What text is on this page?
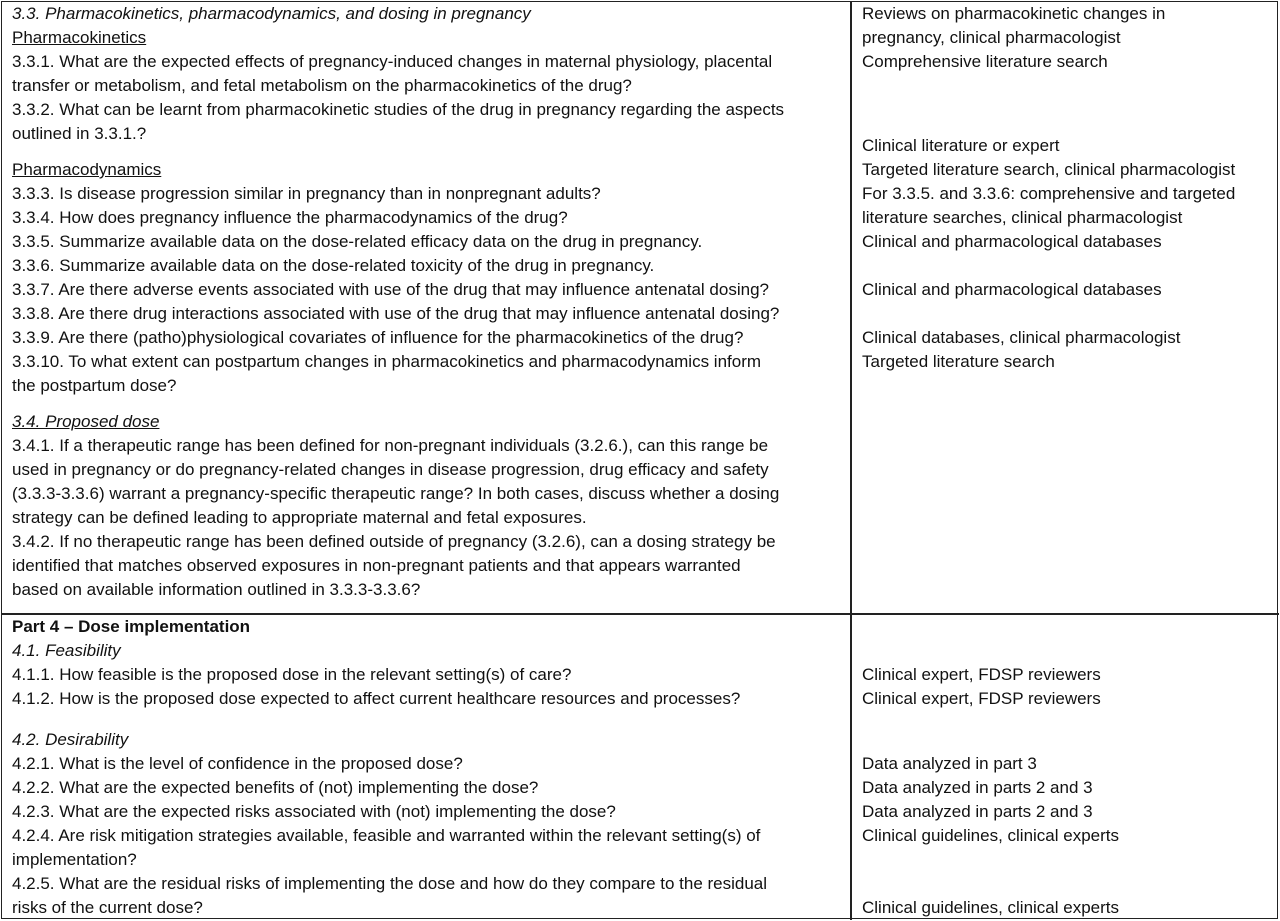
3.3. Pharmacokinetics, pharmacodynamics, and dosing in pregnancy
Pharmacokinetics
3.3.1. What are the expected effects of pregnancy-induced changes in maternal physiology, placental
transfer or metabolism, and fetal metabolism on the pharmacokinetics of the drug?
3.3.2. What can be learnt from pharmacokinetic studies of the drug in pregnancy regarding the aspects
outlined in 3.3.1.?
Pharmacodynamics
3.3.3. Is disease progression similar in pregnancy than in nonpregnant adults?
3.3.4. How does pregnancy influence the pharmacodynamics of the drug?
3.3.5. Summarize available data on the dose-related efficacy data on the drug in pregnancy.
3.3.6. Summarize available data on the dose-related toxicity of the drug in pregnancy.
3.3.7. Are there adverse events associated with use of the drug that may influence antenatal dosing?
3.3.8. Are there drug interactions associated with use of the drug that may influence antenatal dosing?
3.3.9. Are there (patho)physiological covariates of influence for the pharmacokinetics of the drug?
3.3.10. To what extent can postpartum changes in pharmacokinetics and pharmacodynamics inform
the postpartum dose?
3.4. Proposed dose
3.4.1. If a therapeutic range has been defined for non-pregnant individuals (3.2.6.), can this range be
used in pregnancy or do pregnancy-related changes in disease progression, drug efficacy and safety
(3.3.3-3.3.6) warrant a pregnancy-specific therapeutic range? In both cases, discuss whether a dosing
strategy can be defined leading to appropriate maternal and fetal exposures.
3.4.2. If no therapeutic range has been defined outside of pregnancy (3.2.6), can a dosing strategy be
identified that matches observed exposures in non-pregnant patients and that appears warranted
based on available information outlined in 3.3.3-3.3.6?
Reviews on pharmacokinetic changes in
pregnancy, clinical pharmacologist
Comprehensive literature search
Clinical literature or expert
Targeted literature search, clinical pharmacologist
For 3.3.5. and 3.3.6: comprehensive and targeted
literature searches, clinical pharmacologist
Clinical and pharmacological databases
Clinical and pharmacological databases
Clinical databases, clinical pharmacologist
Targeted literature search
Part 4 – Dose implementation
4.1. Feasibility
4.1.1. How feasible is the proposed dose in the relevant setting(s) of care?
4.1.2. How is the proposed dose expected to affect current healthcare resources and processes?
4.2. Desirability
4.2.1. What is the level of confidence in the proposed dose?
4.2.2. What are the expected benefits of (not) implementing the dose?
4.2.3. What are the expected risks associated with (not) implementing the dose?
4.2.4. Are risk mitigation strategies available, feasible and warranted within the relevant setting(s) of
implementation?
4.2.5. What are the residual risks of implementing the dose and how do they compare to the residual
risks of the current dose?
Clinical expert, FDSP reviewers
Clinical expert, FDSP reviewers
Data analyzed in part 3
Data analyzed in parts 2 and 3
Data analyzed in parts 2 and 3
Clinical guidelines, clinical experts
Clinical guidelines, clinical experts
